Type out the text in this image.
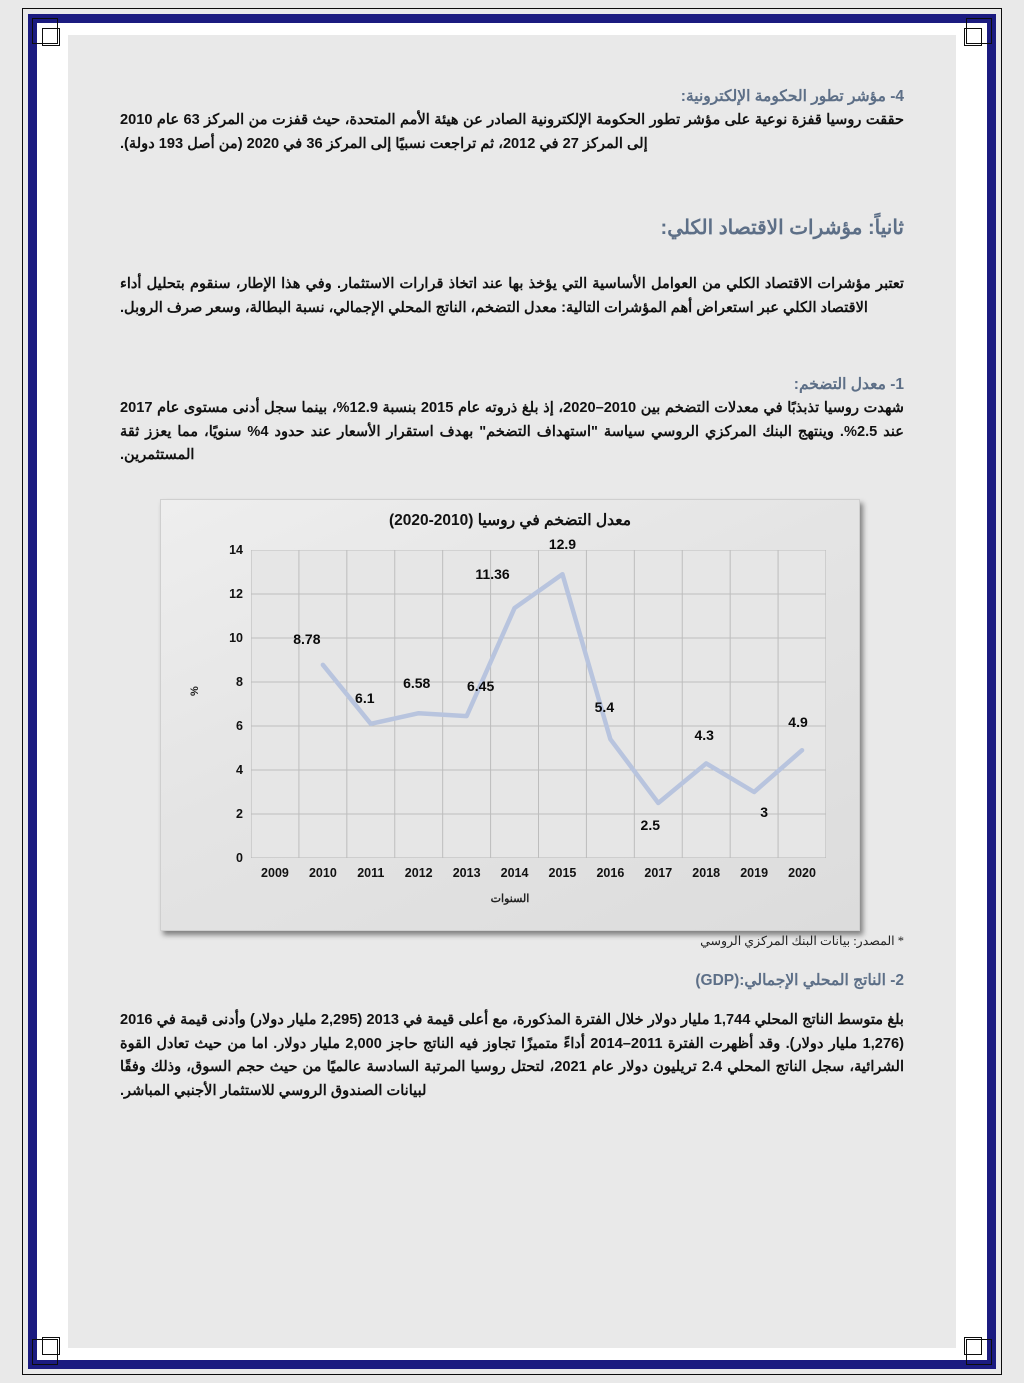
4- مؤشر تطور الحكومة الإلكترونية:

حققت روسيا قفزة نوعية على مؤشر تطور الحكومة الإلكترونية الصادر عن هيئة الأمم المتحدة، حيث قفزت من المركز 63 عام 2010 إلى المركز 27 في 2012، ثم تراجعت نسبيًا إلى المركز 36 في 2020 (من أصل 193 دولة).

ثانياً: مؤشرات الاقتصاد الكلي:

تعتبر مؤشرات الاقتصاد الكلي من العوامل الأساسية التي يؤخذ بها عند اتخاذ قرارات الاستثمار. وفي هذا الإطار، سنقوم بتحليل أداء الاقتصاد الكلي عبر استعراض أهم المؤشرات التالية: معدل التضخم، الناتج المحلي الإجمالي، نسبة البطالة، وسعر صرف الروبل.

1- معدل التضخم:

شهدت روسيا تذبذبًا في معدلات التضخم بين 2010–2020، إذ بلغ ذروته عام 2015 بنسبة 12.9%، بينما سجل أدنى مستوى عام 2017 عند 2.5%. وينتهج البنك المركزي الروسي سياسة "استهداف التضخم" بهدف استقرار الأسعار عند حدود 4% سنويًا، مما يعزز ثقة المستثمرين.

* المصدر: بيانات البنك المركزي الروسي

2- الناتج المحلي الإجمالي:(GDP)

بلغ متوسط الناتج المحلي 1,744 مليار دولار خلال الفترة المذكورة، مع أعلى قيمة في 2013 (2,295 مليار دولار) وأدنى قيمة في 2016 (1,276 مليار دولار). وقد أظهرت الفترة 2011–2014 أداءً متميزًا تجاوز فيه الناتج حاجز 2,000 مليار دولار. اما من حيث تعادل القوة الشرائية، سجل الناتج المحلي 2.4 تريليون دولار عام 2021، لتحتل روسيا المرتبة السادسة عالميًا من حيث حجم السوق، وذلك وفقًا لبيانات الصندوق الروسي للاستثمار الأجنبي المباشر.

معدل التضخم في روسيا (2010-2020)
%
0
2
4
6
8
10
12
14
2009	2010	2011	2012	2013	2014	2015	2016	2017	2018	2019	2020
8.78
6.1
6.58	6.45
11.36
12.9
5.4
2.5
4.3
3
4.9
السنوات
